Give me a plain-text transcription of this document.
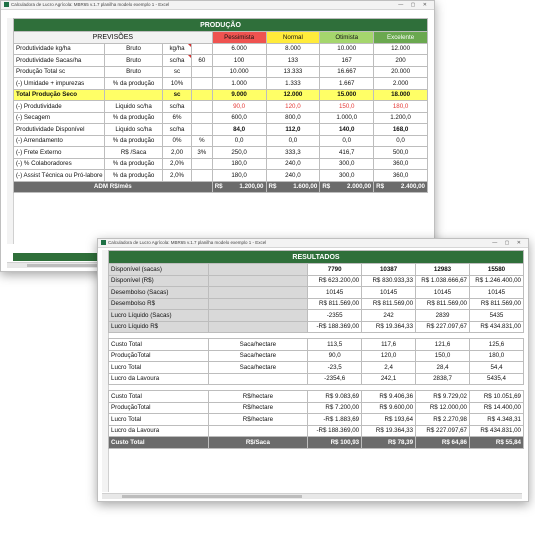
Calculadora de Lucro Agrícola: MBR65 v.1.7 planilha modelo exemplo 1 - Excel	— ▢ ✕
PRODUÇÃO							
PREVISÕES				Pessimista	Normal	Otimista	Excelente
Produtividade kg/ha	Bruto	kg/ha		6.000	8.000	10.000	12.000
Produtividade Sacas/ha	Bruto	sc/ha	60	100	133	167	200
Produção Total sc	Bruto	sc		10.000	13.333	16.667	20.000
(-) Umidade + impurezas	% da produção	10%		1.000	1.333	1.667	2.000
Total Produção Seco		sc		9.000	12.000	15.000	18.000
(-) Produtividade	Liquido sc/ha	sc/ha		90,0	120,0	150,0	180,0
(-) Secagem	% da produção	6%		600,0	800,0	1.000,0	1.200,0
Produtividade Disponível	Liquido sc/ha	sc/ha		84,0	112,0	140,0	168,0
(-) Arrendamento	% da produção	0%	%	0,0	0,0	0,0	0,0
(-) Frete Externo	R$ /Saca	2,00	3%	250,0	333,3	416,7	500,0
(-) % Colaboradores	% da produção	2,0%		180,0	240,0	300,0	360,0
(-) Assist Técnica ou Pró-labore	% da produção	2,0%		180,0	240,0	300,0	360,0
ADM R$/mês				R$ 1.200,00	R$ 1.600,00	R$ 2.000,00	R$ 2.400,00
Calculadora de Lucro Agrícola: MBR65 v.1.7 planilha modelo exemplo 1 - Excel	— ▢ ✕
RESULTADOS					
Disponível (sacas)		7790	10387	12983	15580
Disponível (R$)		R$ 623.200,00	R$ 830.933,33	R$ 1.038.666,67	R$ 1.246.400,00
Desembolso (Sacas)		10145	10145	10145	10145
Desembolso R$		R$ 811.569,00	R$ 811.569,00	R$ 811.569,00	R$ 811.569,00
Lucro Líquido (Sacas)		-2355	242	2839	5435
Lucro Líquido R$		-R$ 188.369,00	R$ 19.364,33	R$ 227.097,67	R$ 434.831,00

Custo Total	Saca/hectare	113,5	117,6	121,6	125,6
ProduçãoTotal	Saca/hectare	90,0	120,0	150,0	180,0
Lucro Total	Saca/hectare	-23,5	2,4	28,4	54,4
Lucro da Lavoura		-2354,6	242,1	2838,7	5435,4

Custo Total	R$/hectare	R$ 9.083,69	R$ 9.406,36	R$ 9.729,02	R$ 10.051,69
ProduçãoTotal	R$/hectare	R$ 7.200,00	R$ 9.600,00	R$ 12.000,00	R$ 14.400,00
Lucro Total	R$/hectare	-R$ 1.883,69	R$ 193,64	R$ 2.270,98	R$ 4.348,31
Lucro da Lavoura		-R$ 188.369,00	R$ 19.364,33	R$ 227.097,67	R$ 434.831,00
Custo Total	R$/Saca	R$ 100,93	R$ 78,39	R$ 64,86	R$ 55,84
